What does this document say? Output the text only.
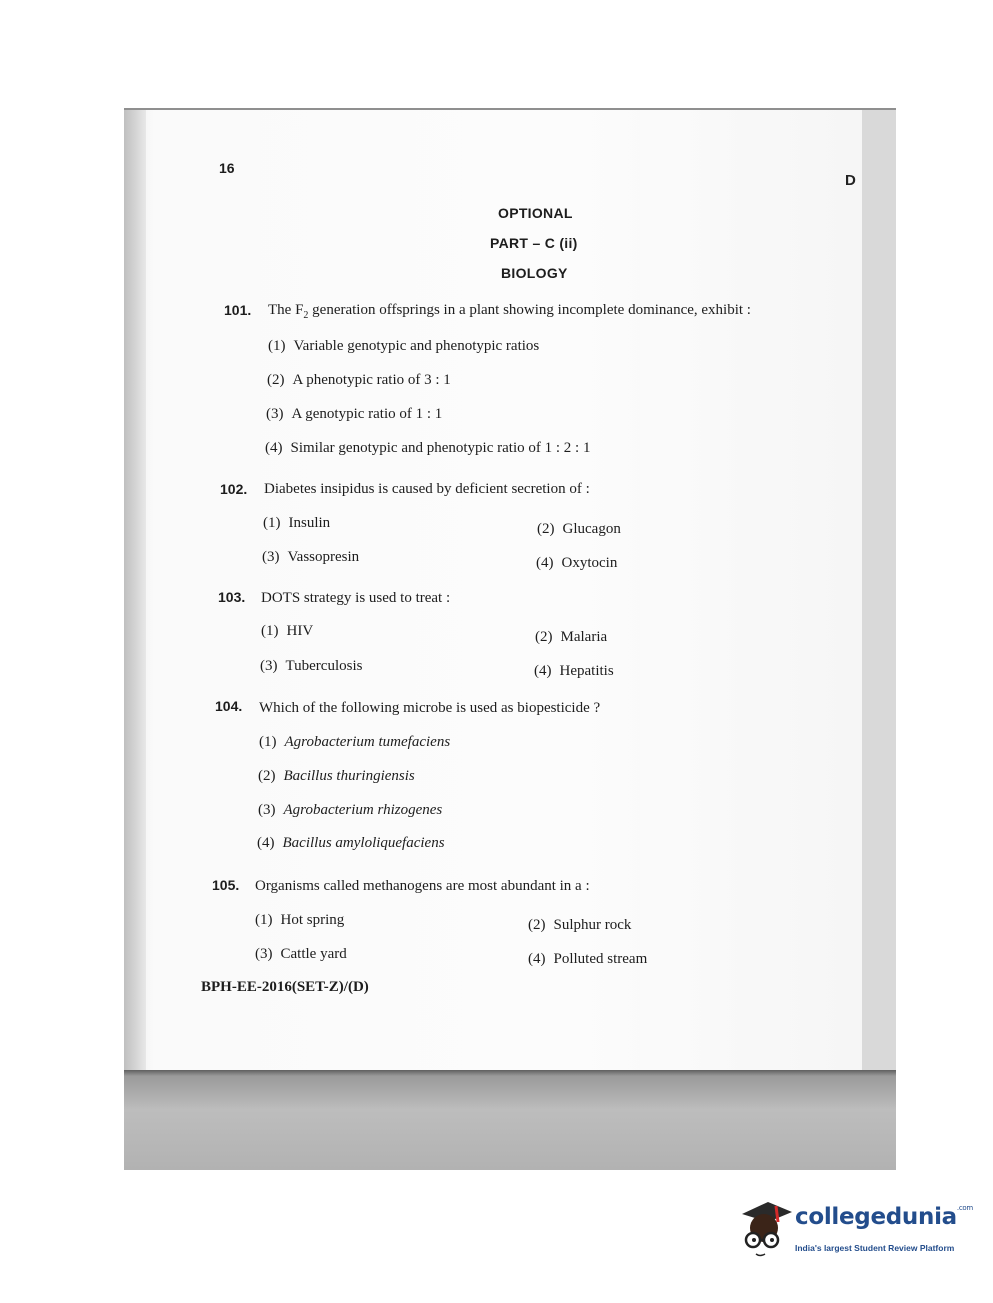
D
16
OPTIONAL
PART – C (ii)
BIOLOGY
101. The $F_2$ generation offsprings in a plant showing incomplete dominance, exhibit :
(1) Variable genotypic and phenotypic ratios
(2) A phenotypic ratio of 3 : 1
(3) A genotypic ratio of 1 : 1
(4) Similar genotypic and phenotypic ratio of 1 : 2 : 1
102. Diabetes insipidus is caused by deficient secretion of :
(1) Insulin	(2) Glucagon
(3) Vassopresin	(4) Oxytocin
103. DOTS strategy is used to treat :
(1) HIV	(2) Malaria
(3) Tuberculosis	(4) Hepatitis
104. Which of the following microbe is used as biopesticide ?
(1) Agrobacterium tumefaciens
(2) Bacillus thuringiensis
(3) Agrobacterium rhizogenes
(4) Bacillus amyloliquefaciens
105. Organisms called methanogens are most abundant in a :
(1) Hot spring	(2) Sulphur rock
(3) Cattle yard	(4) Polluted stream
BPH-EE-2016(SET-Z)/(D)
collegedunia$^{.com}$
India's largest Student Review Platform
